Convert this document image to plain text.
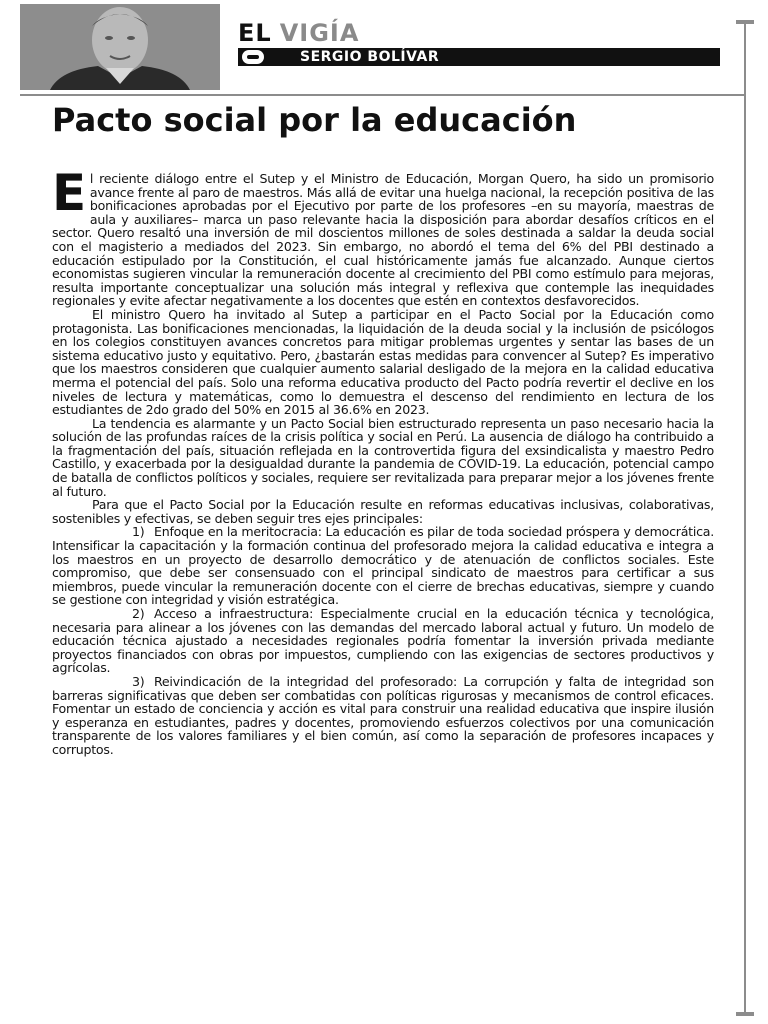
EL VIGÍA
SERGIO BOLÍVAR
Pacto social por la educación

El reciente diálogo entre el Sutep y el Ministro de Educación, Morgan Quero, ha sido un promisorio avance frente al paro de maestros. Más allá de evitar una huelga nacional, la recepción positiva de las bonificaciones aprobadas por el Ejecutivo por parte de los profesores –en su mayoría, maestras de aula y auxiliares– marca un paso relevante hacia la disposición para abordar desafíos críticos en el sector. Quero resaltó una inversión de mil doscientos millones de soles destinada a saldar la deuda social con el magisterio a mediados del 2023. Sin embargo, no abordó el tema del 6% del PBI destinado a educación estipulado por la Constitución, el cual históricamente jamás fue alcanzado. Aunque ciertos economistas sugieren vincular la remuneración docente al crecimiento del PBI como estímulo para mejoras, resulta importante conceptualizar una solución más integral y reflexiva que contemple las inequidades regionales y evite afectar negativamente a los docentes que estén en contextos desfavorecidos.

El ministro Quero ha invitado al Sutep a participar en el Pacto Social por la Educación como protagonista. Las bonificaciones mencionadas, la liquidación de la deuda social y la inclusión de psicólogos en los colegios constituyen avances concretos para mitigar problemas urgentes y sentar las bases de un sistema educativo justo y equitativo. Pero, ¿bastarán estas medidas para convencer al Sutep? Es imperativo que los maestros consideren que cualquier aumento salarial desligado de la mejora en la calidad educativa merma el potencial del país. Solo una reforma educativa producto del Pacto podría revertir el declive en los niveles de lectura y matemáticas, como lo demuestra el descenso del rendimiento en lectura de los estudiantes de 2do grado del 50% en 2015 al 36.6% en 2023.

La tendencia es alarmante y un Pacto Social bien estructurado representa un paso necesario hacia la solución de las profundas raíces de la crisis política y social en Perú. La ausencia de diálogo ha contribuido a la fragmentación del país, situación reflejada en la controvertida figura del exsindicalista y maestro Pedro Castillo, y exacerbada por la desigualdad durante la pandemia de COVID-19. La educación, potencial campo de batalla de conflictos políticos y sociales, requiere ser revitalizada para preparar mejor a los jóvenes frente al futuro.

Para que el Pacto Social por la Educación resulte en reformas educativas inclusivas, colaborativas, sostenibles y efectivas, se deben seguir tres ejes principales:

1) Enfoque en la meritocracia: La educación es pilar de toda sociedad próspera y democrática. Intensificar la capacitación y la formación continua del profesorado mejora la calidad educativa e integra a los maestros en un proyecto de desarrollo democrático y de atenuación de conflictos sociales. Este compromiso, que debe ser consensuado con el principal sindicato de maestros para certificar a sus miembros, puede vincular la remuneración docente con el cierre de brechas educativas, siempre y cuando se gestione con integridad y visión estratégica.

2) Acceso a infraestructura: Especialmente crucial en la educación técnica y tecnológica, necesaria para alinear a los jóvenes con las demandas del mercado laboral actual y futuro. Un modelo de educación técnica ajustado a necesidades regionales podría fomentar la inversión privada mediante proyectos financiados con obras por impuestos, cumpliendo con las exigencias de sectores productivos y agrícolas.

3) Reivindicación de la integridad del profesorado: La corrupción y falta de integridad son barreras significativas que deben ser combatidas con políticas rigurosas y mecanismos de control eficaces. Fomentar un estado de conciencia y acción es vital para construir una realidad educativa que inspire ilusión y esperanza en estudiantes, padres y docentes, promoviendo esfuerzos colectivos por una comunicación transparente de los valores familiares y el bien común, así como la separación de profesores incapaces y corruptos.
